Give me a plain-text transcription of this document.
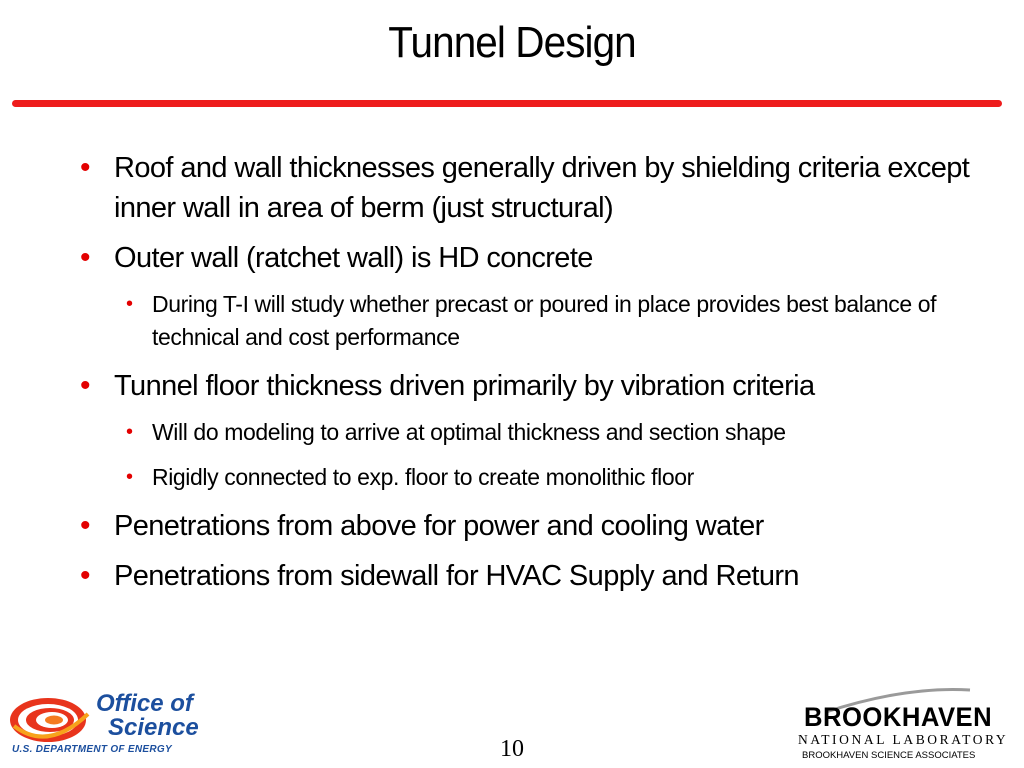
Tunnel Design
• Roof and wall thicknesses generally driven by shielding criteria except inner wall in area of berm (just structural)
• Outer wall (ratchet wall) is HD concrete
• During T-I will study whether precast or poured in place provides best balance of technical and cost performance
• Tunnel floor thickness driven primarily by vibration criteria
• Will do modeling to arrive at optimal thickness and section shape
• Rigidly connected to exp. floor to create monolithic floor
• Penetrations from above for power and cooling water
• Penetrations from sidewall for HVAC Supply and Return
Office of
Science
U.S. DEPARTMENT OF ENERGY	10
BROOKHAVEN
NATIONAL LABORATORY
BROOKHAVEN SCIENCE ASSOCIATES
